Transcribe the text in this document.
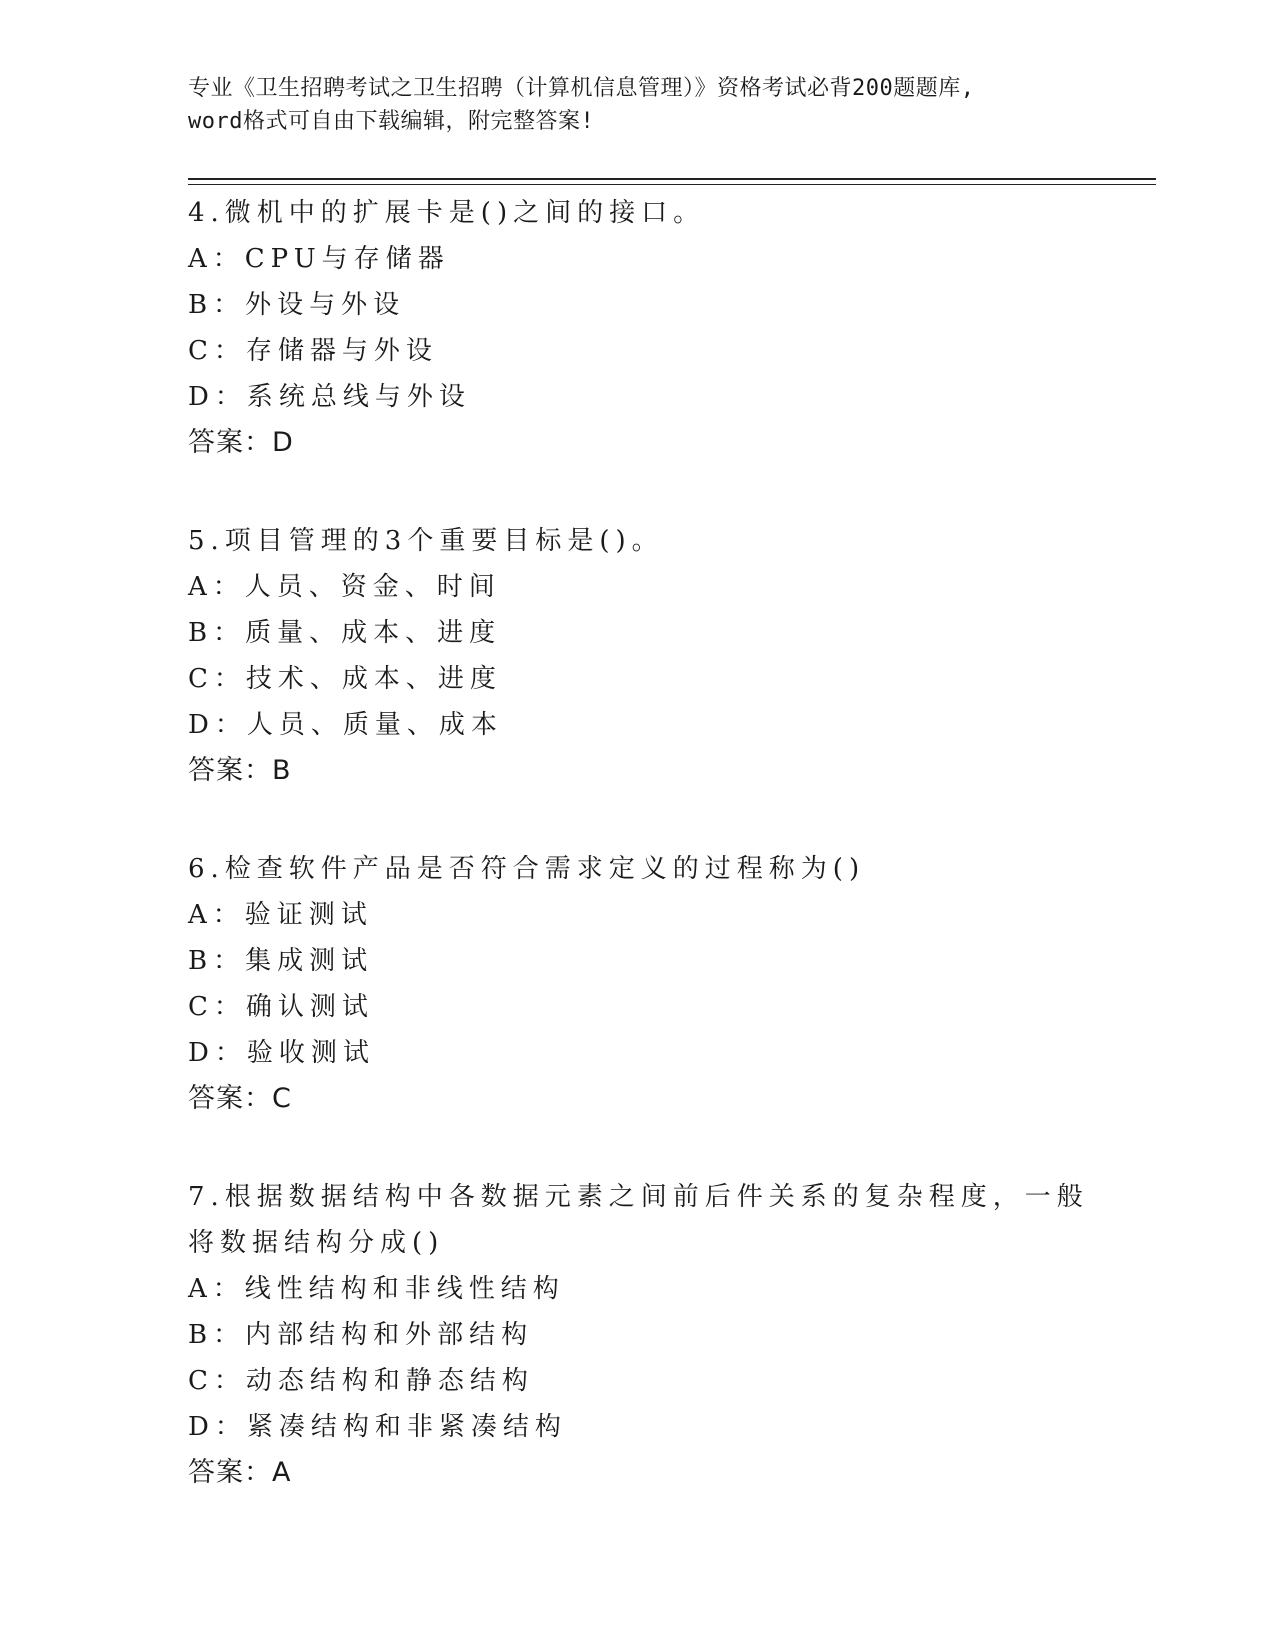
专业《卫生招聘考试之卫生招聘（计算机信息管理）》资格考试必背200题题库,
word格式可自由下载编辑，附完整答案!

4.微机中的扩展卡是()之间的接口。

A：CPU与存储器

B：外设与外设

C：存储器与外设

D：系统总线与外设

答案：D

5.项目管理的3个重要目标是()。

A：人员、资金、时间

B：质量、成本、进度

C：技术、成本、进度

D：人员、质量、成本

答案：B

6.检查软件产品是否符合需求定义的过程称为()

A：验证测试

B：集成测试

C：确认测试

D：验收测试

答案：C

7.根据数据结构中各数据元素之间前后件关系的复杂程度，一般将数据结构分成()

A：线性结构和非线性结构

B：内部结构和外部结构

C：动态结构和静态结构

D：紧凑结构和非紧凑结构

答案：A
